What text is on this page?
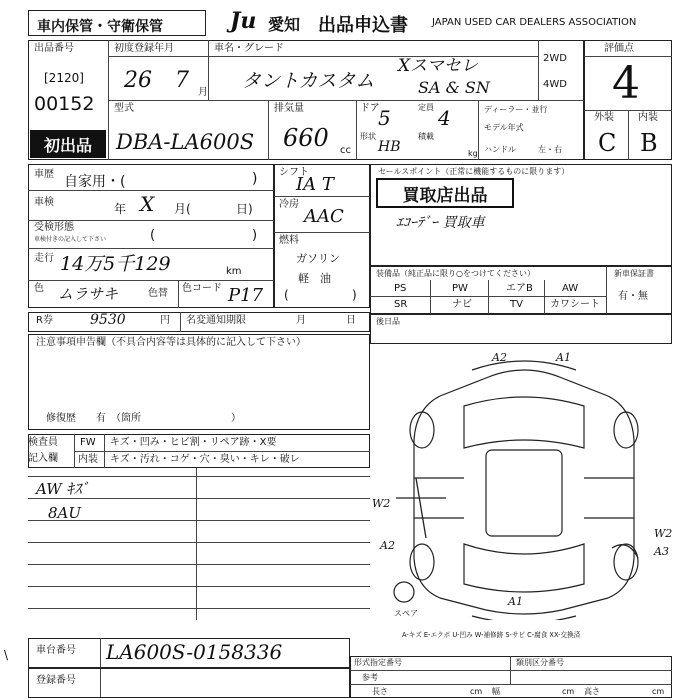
車内保管・守衛保管	Ju 愛知 出品申込書 JAPAN USED CAR DEALERS ASSOCIATION
出品番号
[2120]
00152
初出品
初度登録年月
26 7 月
車名・グレード
タントカスタム
Xスマセレ
SA & SN
2WD
4WD
評価点
4
外装 内装
C B
型式
DBA-LA600S
排気量
660 cc
ドア
5	定員 4
形状
HB
積載
kg
ディーラー・並行
モデル年式
ハンドル	左・右
車歴 自家用・(	)
車検	年 X 月(	日)
受検形態
車検付きの記入して下さい	(	)
走行 14万5千129	km
色 ムラサキ	色替 色コード P17
シフト
IA T
冷房
AAC
燃料
ガソリン
軽　油
(	)
セールスポイント（正常に機能するものに限ります）
買取店出品
ｴｺｰﾃﾞｰ 買取車
装備品（純正品に限り○をつけてください）	新車保証書
有・無
PS	PW	エアB	AW
SR	ナビ	TV	カワシート
R券	9530	円 名変通知期限	月	日	後日品
注意事項申告欄（不具合内容等は具体的に記入して下さい）
修復歴　　有　（箇所　　　　　　　　　）
検査員
記入欄
FW キズ・凹み・ヒビ割・リペア跡・X要
内装 キズ・汚れ・コゲ・穴・臭い・キレ・破レ
AW ｷｽﾞ
8AU
A2	A1
W2
A2
W2
A3
A1
スペア
A-キズ E-エクボ U-凹み W-補修跡 S-サビ C-腐食 XX-交換済
\	車台番号 LA600S-0158336
登録番号
形式指定番号	類別区分番号
参考
長さ	cm 幅	cm 高さ	cm
